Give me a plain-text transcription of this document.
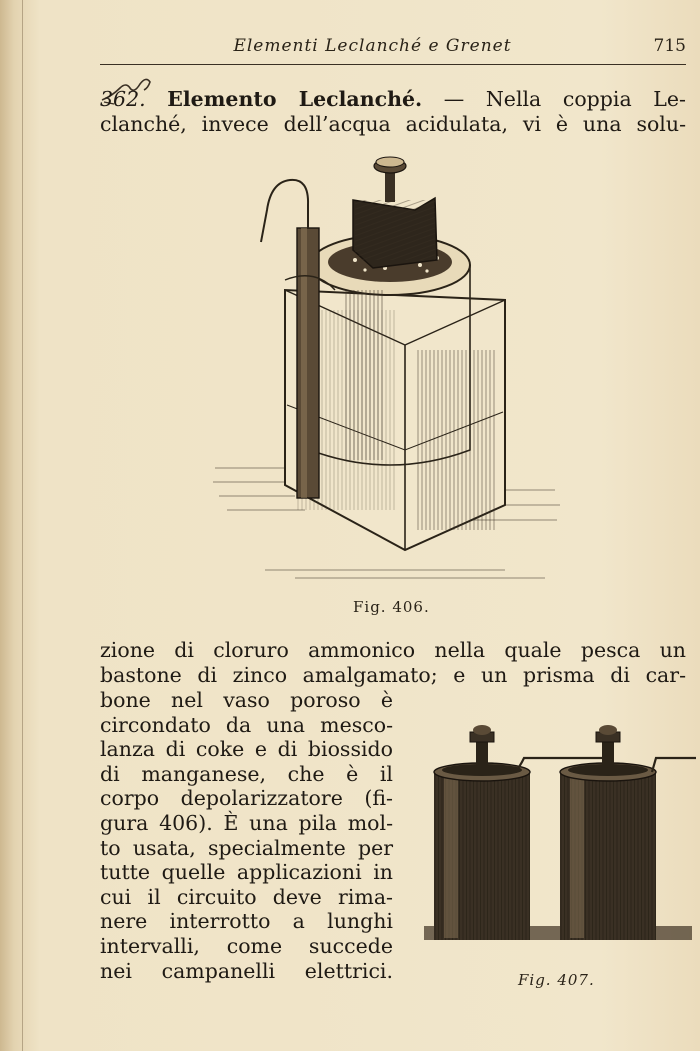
Elementi Leclanché e Grenet	715

362. Elemento Leclanché. — Nella coppia Le-
clanché, invece dell’acqua acidulata, vi è una solu-

Fig. 406.

zione di cloruro ammonico nella quale pesca un
bastone di zinco amalgamato; e un prisma di car-

bone nel vaso poroso è
circondato da una mesco-
lanza di coke e di biossido
di manganese, che è il
corpo depolarizzatore (fi-
gura 406). È una pila mol-
to usata, specialmente per
tutte quelle applicazioni in
cui il circuito deve rima-
nere interrotto a lunghi
intervalli, come succede
nei campanelli elettrici.	Fig. 407.
